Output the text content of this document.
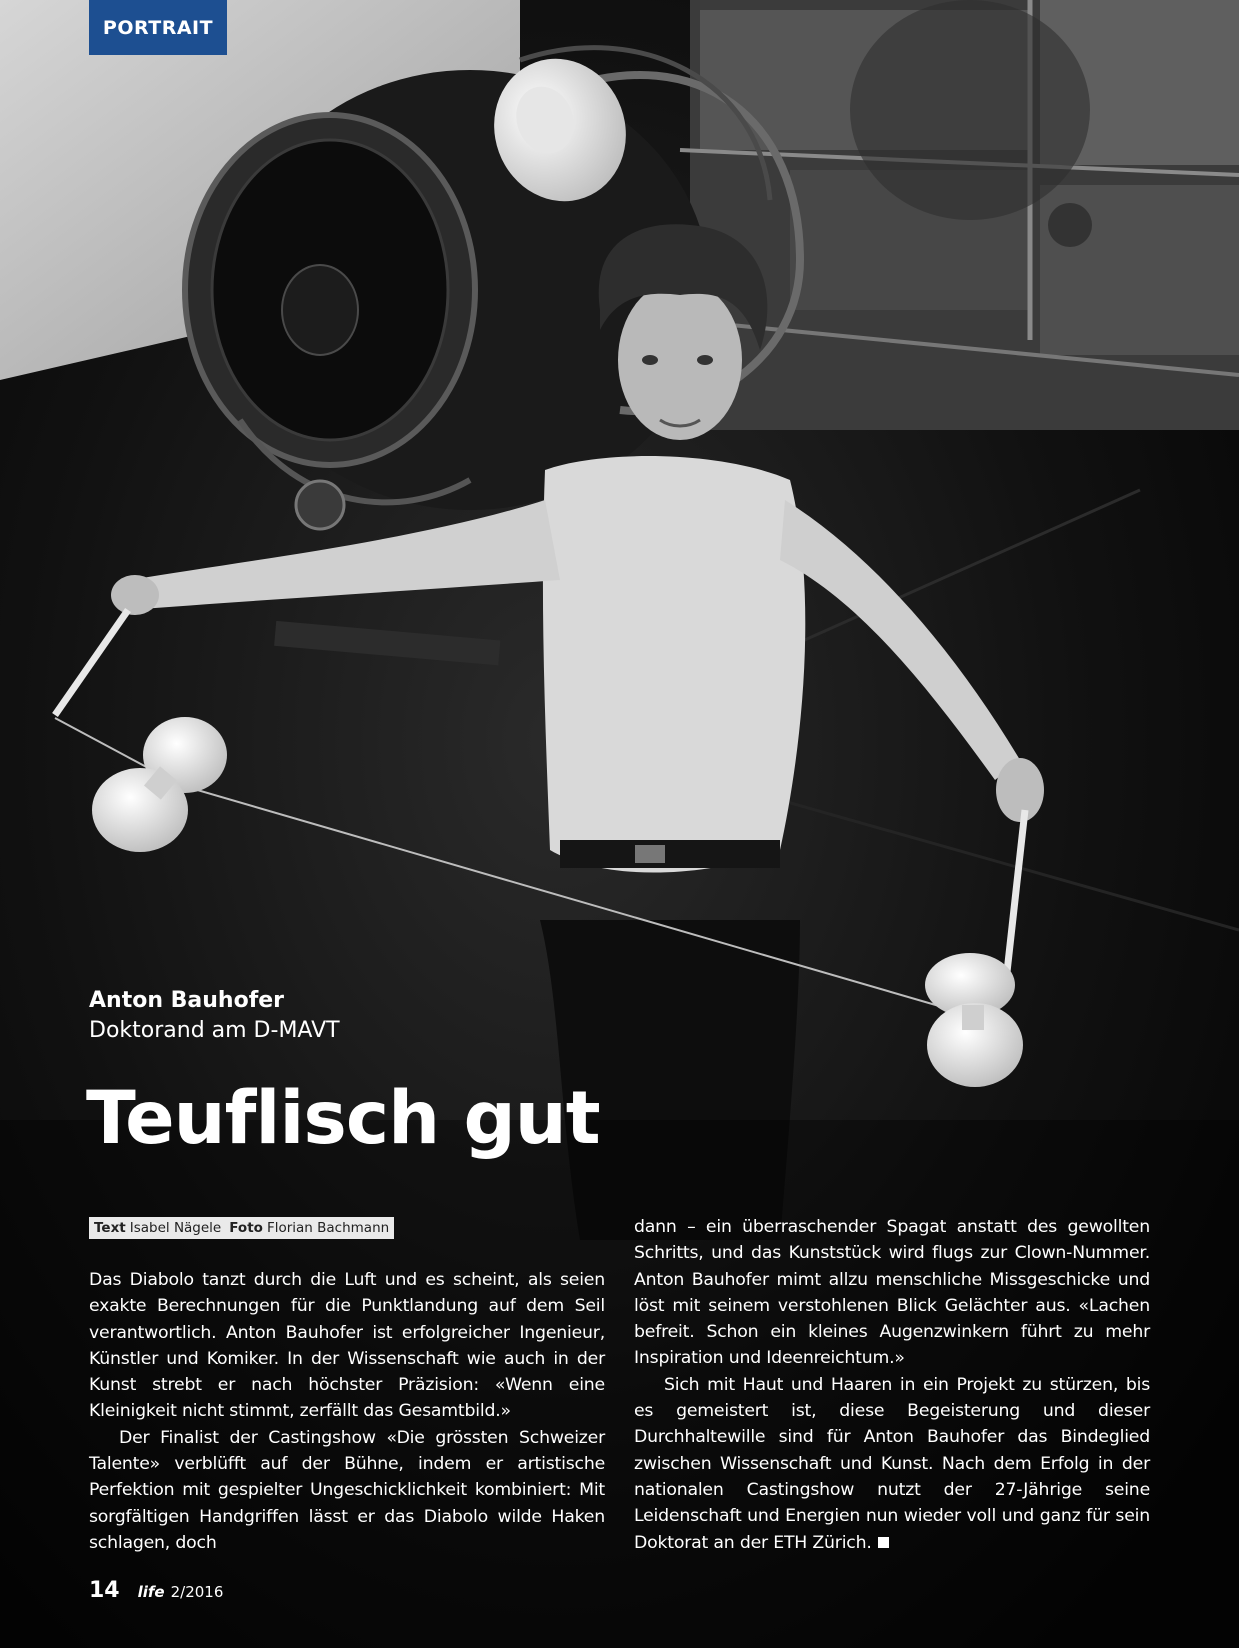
PORTRAIT
Anton Bauhofer
Doktorand am D-MAVT
Teuflisch gut
Text Isabel Nägele Foto Florian Bachmann

Das Diabolo tanzt durch die Luft und es scheint, als seien exakte Berechnungen für die Punktlandung auf dem Seil verantwortlich. Anton Bauhofer ist erfolgreicher Ingenieur, Künstler und Komiker. In der Wissenschaft wie auch in der Kunst strebt er nach höchster Präzision: «Wenn eine Kleinigkeit nicht stimmt, zerfällt das Gesamtbild.»

Der Finalist der Castingshow «Die grössten Schweizer Talente» verblüfft auf der Bühne, indem er artistische Perfektion mit gespielter Ungeschicklichkeit kombiniert: Mit sorgfältigen Handgriffen lässt er das Diabolo wilde Haken schlagen, doch

dann – ein überraschender Spagat anstatt des gewollten Schritts, und das Kunststück wird flugs zur Clown-Nummer. Anton Bauhofer mimt allzu menschliche Missgeschicke und löst mit seinem verstohlenen Blick Gelächter aus. «Lachen befreit. Schon ein kleines Augenzwinkern führt zu mehr Inspiration und Ideenreichtum.»

Sich mit Haut und Haaren in ein Projekt zu stürzen, bis es gemeistert ist, diese Begeisterung und dieser Durchhaltewille sind für Anton Bauhofer das Bindeglied zwischen Wissenschaft und Kunst. Nach dem Erfolg in der nationalen Castingshow nutzt der 27-Jährige seine Leidenschaft und Energien nun wieder voll und ganz für sein Doktorat an der ETH Zürich.

14 life 2/2016
